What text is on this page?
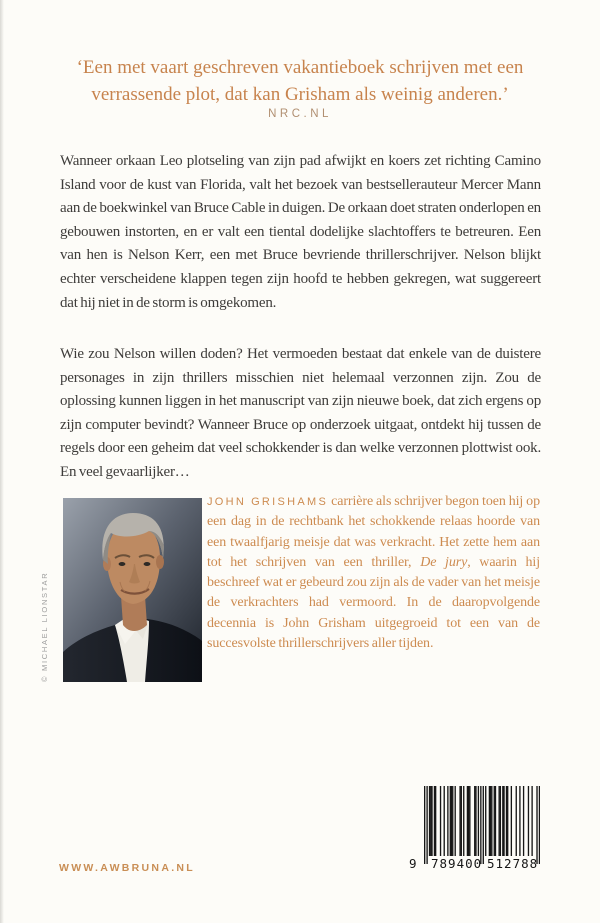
‘Een met vaart geschreven vakantieboek schrijven met een verrassende plot, dat kan Grisham als weinig anderen.’
NRC.NL
Wanneer orkaan Leo plotseling van zijn pad afwijkt en koers zet richting Camino Island voor de kust van Florida, valt het bezoek van bestsellerauteur Mercer Mann aan de boekwinkel van Bruce Cable in duigen. De orkaan doet straten onderlopen en gebouwen instorten, en er valt een tiental dodelijke slachtoffers te betreuren. Een van hen is Nelson Kerr, een met Bruce bevriende thrillerschrijver. Nelson blijkt echter verscheidene klappen tegen zijn hoofd te hebben gekregen, wat suggereert dat hij niet in de storm is omgekomen.
Wie zou Nelson willen doden? Het vermoeden bestaat dat enkele van de duistere personages in zijn thrillers misschien niet helemaal verzonnen zijn. Zou de oplossing kunnen liggen in het manuscript van zijn nieuwe boek, dat zich ergens op zijn computer bevindt? Wanneer Bruce op onderzoek uitgaat, ontdekt hij tussen de regels door een geheim dat veel schokkender is dan welke verzonnen plottwist ook. En veel gevaarlijker…
© MICHAEL LIONSTAR
JOHN GRISHAMS carrière als schrijver begon toen hij op een dag in de rechtbank het schokkende relaas hoorde van een twaalfjarig meisje dat was verkracht. Het zette hem aan tot het schrijven van een thriller, De jury, waarin hij beschreef wat er gebeurd zou zijn als de vader van het meisje de verkrachters had vermoord. In de daaropvolgende decennia is John Grisham uitgegroeid tot een van de succesvolste thrillerschrijvers aller tijden.
WWW.AWBRUNA.NL	9 789400 512788
